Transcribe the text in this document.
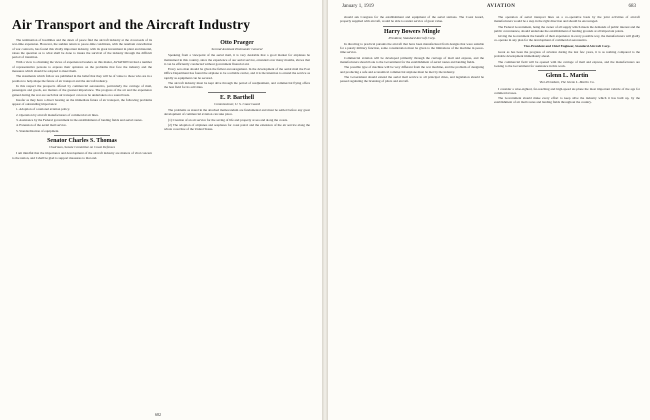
Air Transport and the Aircraft Industry

The termination of hostilities and the dawn of peace find the aircraft industry at the crossroads of its war-time expansion. However, the sudden return to peace-time conditions, with the resultant cancellation of war contracts, has found this vitally important industry, with its great investment in plant and materiel, raises the question as to what shall be done to insure the survival of the industry through the difficult period of transition.

With a view to obtaining the views of experienced leaders on this matter, AVIATION invited a number of representative persons to express their opinions on the problems that face the industry and the measures which should be adopted to meet them.

The statements which follow are published in the belief that they will be of value to those who are in a position to help shape the future of air transport and the aircraft industry.

In this respect the prospects offered by commercial aeronautics, particularly the carriage of mail, passengers and goods, are matters of the greatest importance. The progress of the art and the experience gained during the war are such that air transport can now be undertaken on a sound basis.

Insofar as they have a direct bearing on the immediate future of air transport, the following problems appear of outstanding importance:

1. Adoption of a national aviation policy.

2. Operation by aircraft manufacturers of commercial air lines.

3. Assistance by the Federal government in the establishment of landing fields and aerial routes.

4. Extension of the aerial mail service.

5. Standardization of equipment.

Senator Charles S. Thomas
Chairman, Senate Committee on Coast Defenses

I am mindful that the importance and development of the aircraft industry are matters of vital concern to the nation, and I shall be glad to support measures to that end.

Otto Praeger
Second Assistant Postmaster General

Speaking from a viewpoint of the aerial mail, it is very desirable that a good market for airplanes be maintained in this country, since the experience of our aerial service, extended over many months, shows that it can be efficiently conducted without government financial aid.

Every aero man should be given the fullest encouragement. In the development of the aerial mail the Post Office Department has found the airplane to be a reliable carrier, and it is the intention to extend the service as rapidly as equipment can be secured.

The aircraft industry must be kept alive through the period of readjustment, and commercial flying offers the best field for its activities.

E. P. Barthell
Commissioner, U. S. Coast Guard

The problems as stated in the attached memorandum are fundamental and must be settled before any great development of commercial aviation can take place.

(1) Creation of an air service for the saving of life and property at sea and along the coasts.

(2) The adoption of airplanes and seaplanes for coast patrol and the extension of the air service along the whole coast line of the United States.

682
January 1, 1919	AVIATION	683

should ask Congress for the establishment and equipment of the aerial stations. The Coast Guard, properly supplied with aircraft, would be able to render service of great value.

Harry Bowers Mingle
President, Standard Aircraft Corp.

In directing to practical pursuits the aircraft that have been manufactured from designs that were suitable for a purely military function, some consideration must be given to the limitations of the machine in peace-time service.

Commercial aviation will be developed primarily through the carriage of mail and express, and the manufacturers should look to the Government for the establishment of aerial routes and landing fields.

The possible type of machine will be very different from the war machine, and the problem of designing and producing a safe and economical commercial airplane must be met by the industry.

The Government should extend the aerial mail service to all principal cities, and legislation should be passed regulating the licensing of pilots and aircraft.

The operation of aerial transport lines on a co-operative basis by the joint activities of aircraft manufacturers would be a step in the right direction and should be encouraged.

The Federal Government, being the owner of all supply which meets the demands of public interest and the public convenience, should undertake the establishment of landing grounds at all important points.

Giving the Government the benefit of their experience in every possible way, the manufacturers will gladly co-operate in any plan for the development of commercial aeronautics.

Vice-President and Chief Engineer, Standard Aircraft Corp.

Great as has been the progress of aviation during the last few years, it is as nothing compared to the probable development immediately ahead.

The commercial field will be opened with the carriage of mail and express, and the manufacturers are looking to the Government for assistance in this work.

Glenn L. Martin
Vice-President, The Glenn L. Martin Co.

I consider a wise-sighted, far-reaching and high-speed air-plane the most important vehicle of the age for commercial uses.

The Government should make every effort to keep alive the industry which it has built up, by the establishment of air mail routes and landing fields throughout the country.
